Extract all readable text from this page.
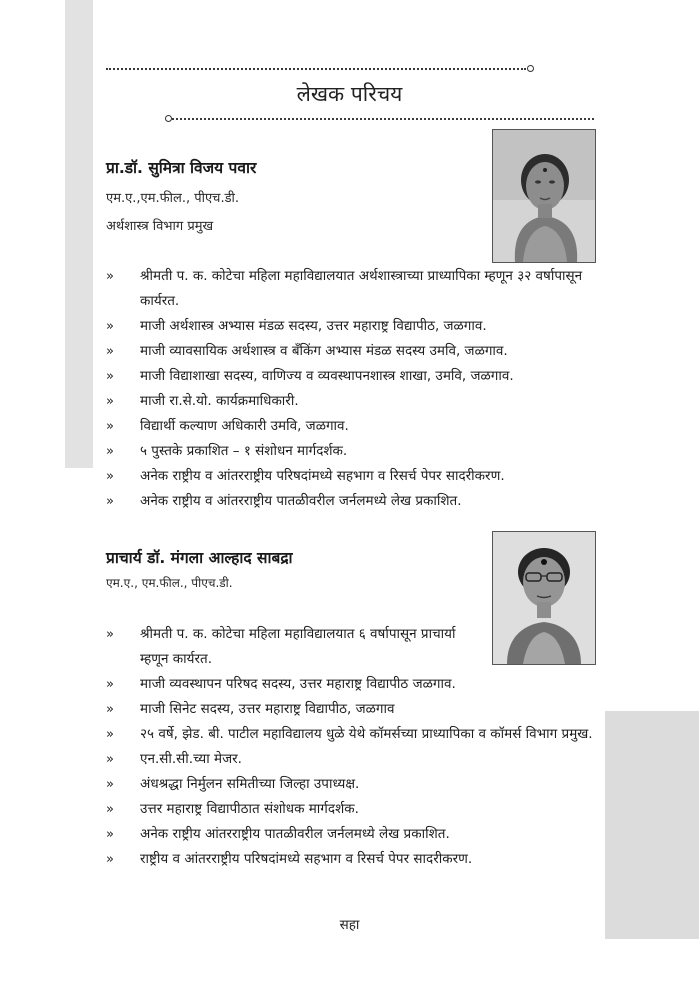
लेखक परिचय
प्रा.डॉ. सुमित्रा विजय पवार
एम.ए.,एम.फील., पीएच.डी.
अर्थशास्त्र विभाग प्रमुख
» श्रीमती प. क. कोटेचा महिला महाविद्यालयात अर्थशास्त्राच्या प्राध्यापिका म्हणून ३२ वर्षापासून कार्यरत.
» माजी अर्थशास्त्र अभ्यास मंडळ सदस्य, उत्तर महाराष्ट्र विद्यापीठ, जळगाव.
» माजी व्यावसायिक अर्थशास्त्र व बँकिंग अभ्यास मंडळ सदस्य उमवि, जळगाव.
» माजी विद्याशाखा सदस्य, वाणिज्य व व्यवस्थापनशास्त्र शाखा, उमवि, जळगाव.
» माजी रा.से.यो. कार्यक्रमाधिकारी.
» विद्यार्थी कल्याण अधिकारी उमवि, जळगाव.
» ५ पुस्तके प्रकाशित – १ संशोधन मार्गदर्शक.
» अनेक राष्ट्रीय व आंतरराष्ट्रीय परिषदांमध्ये सहभाग व रिसर्च पेपर सादरीकरण.
» अनेक राष्ट्रीय व आंतरराष्ट्रीय पातळीवरील जर्नलमध्ये लेख प्रकाशित.
प्राचार्य डॉ. मंगला आल्हाद साबद्रा
एम.ए., एम.फील., पीएच.डी.
» श्रीमती प. क. कोटेचा महिला महाविद्यालयात ६ वर्षापासून प्राचार्या म्हणून कार्यरत.
» माजी व्यवस्थापन परिषद सदस्य, उत्तर महाराष्ट्र विद्यापीठ जळगाव.
» माजी सिनेट सदस्य, उत्तर महाराष्ट्र विद्यापीठ, जळगाव
» २५ वर्षे, झेड. बी. पाटील महाविद्यालय धुळे येथे कॉमर्सच्या प्राध्यापिका व कॉमर्स विभाग प्रमुख.
» एन.सी.सी.च्या मेजर.
» अंधश्रद्धा निर्मुलन समितीच्या जिल्हा उपाध्यक्ष.
» उत्तर महाराष्ट्र विद्यापीठात संशोधक मार्गदर्शक.
» अनेक राष्ट्रीय आंतरराष्ट्रीय पातळीवरील जर्नलमध्ये लेख प्रकाशित.
» राष्ट्रीय व आंतरराष्ट्रीय परिषदांमध्ये सहभाग व रिसर्च पेपर सादरीकरण.
सहा
